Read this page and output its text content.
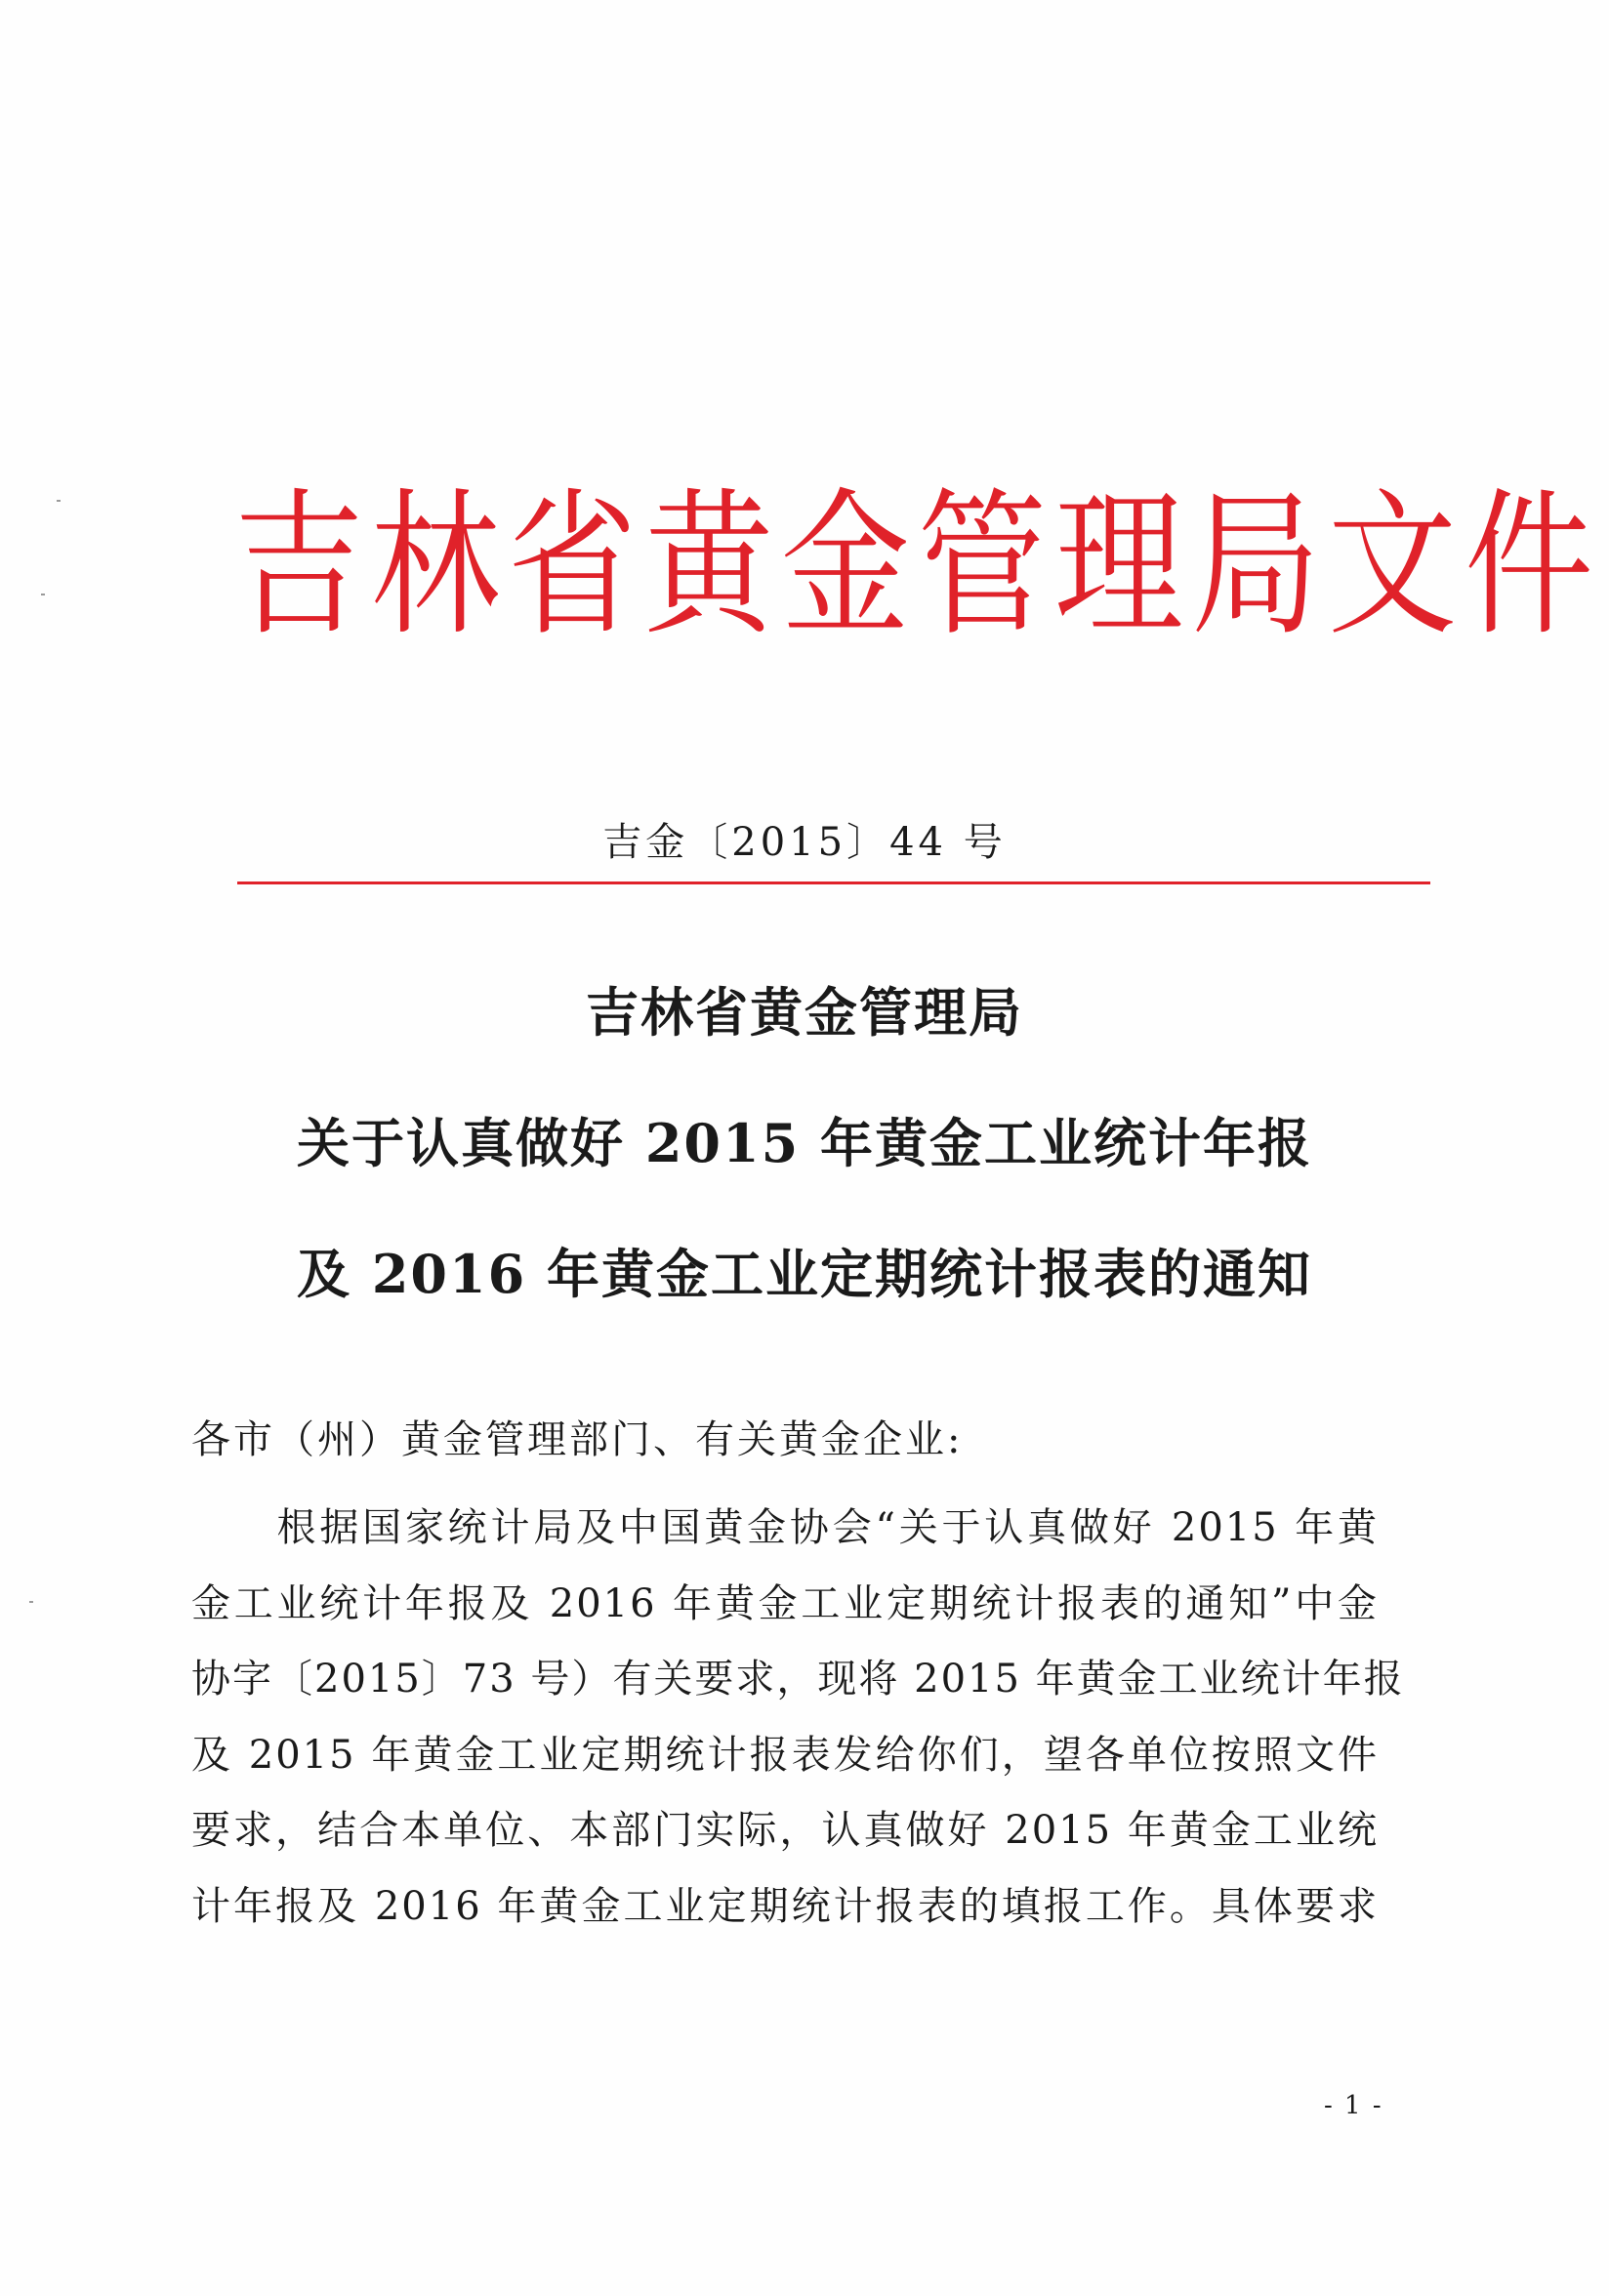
吉林省黄金管理局文件
吉金〔2015〕44 号
吉林省黄金管理局
关于认真做好 2015 年黄金工业统计年报
及 2016 年黄金工业定期统计报表的通知
各市（州）黄金管理部门、有关黄金企业:
　　根据国家统计局及中国黄金协会“关于认真做好 2015 年黄
金工业统计年报及 2016 年黄金工业定期统计报表的通知”中金
协字〔2015〕73 号）有关要求，现将 2015 年黄金工业统计年报
及 2015 年黄金工业定期统计报表发给你们，望各单位按照文件
要求，结合本单位、本部门实际，认真做好 2015 年黄金工业统
计年报及 2016 年黄金工业定期统计报表的填报工作。具体要求
- 1 -
